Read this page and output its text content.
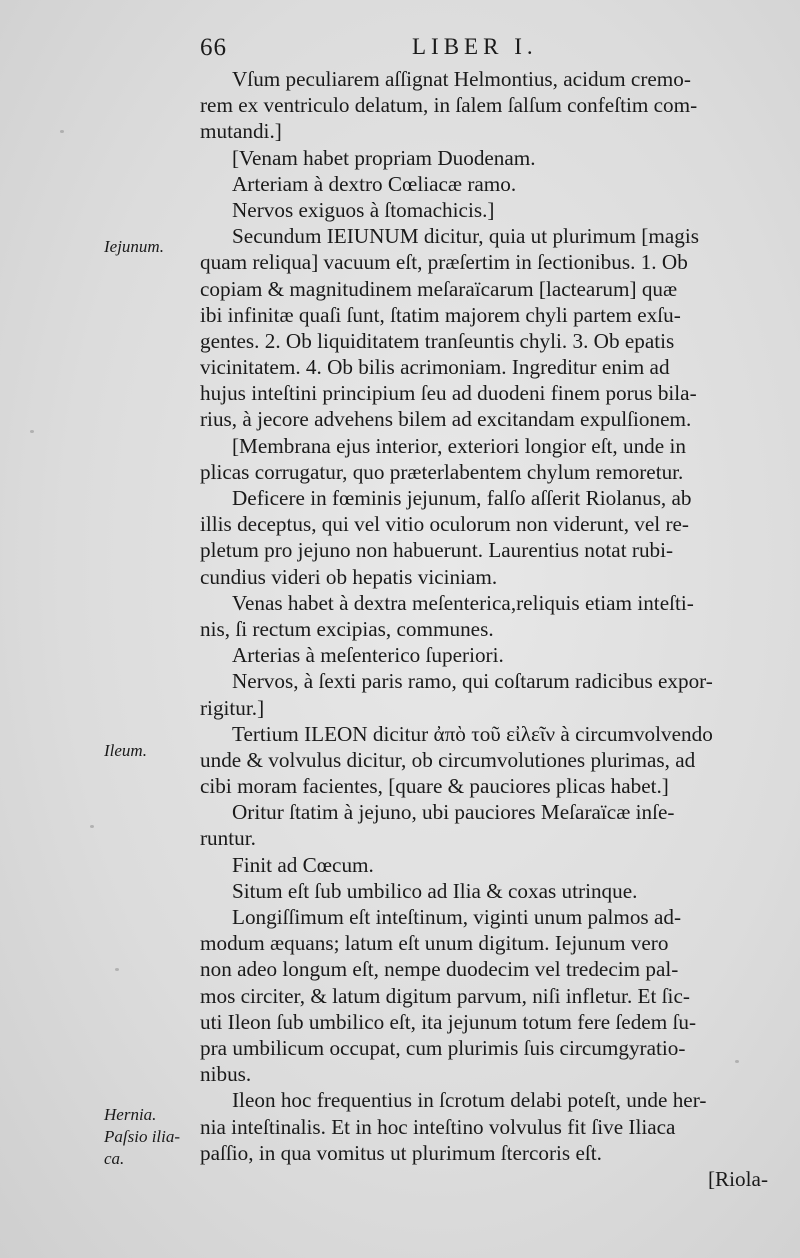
66	LIBER I.
Iejunum.
Ileum.
Hernia.
Paſsio ilia-
ca.
Vſum peculiarem aſſignat Helmontius, acidum cremo-
rem ex ventriculo delatum, in ſalem ſalſum confeſtim com-
mutandi.]
[Venam habet propriam Duodenam.
Arteriam à dextro Cœliacæ ramo.
Nervos exiguos à ſtomachicis.]
Secundum IEIUNUM dicitur, quia ut plurimum [magis
quam reliqua] vacuum eſt, præſertim in ſectionibus. 1. Ob
copiam & magnitudinem meſaraïcarum [lactearum] quæ
ibi infinitæ quaſi ſunt, ſtatim majorem chyli partem exſu-
gentes. 2. Ob liquiditatem tranſeuntis chyli. 3. Ob epatis
vicinitatem. 4. Ob bilis acrimoniam. Ingreditur enim ad
hujus inteſtini principium ſeu ad duodeni finem porus bila-
rius, à jecore advehens bilem ad excitandam expulſionem.
[Membrana ejus interior, exteriori longior eſt, unde in
plicas corrugatur, quo præterlabentem chylum remoretur.
Deficere in fœminis jejunum, falſo aſſerit Riolanus, ab
illis deceptus, qui vel vitio oculorum non viderunt, vel re-
pletum pro jejuno non habuerunt. Laurentius notat rubi-
cundius videri ob hepatis viciniam.
Venas habet à dextra meſenterica,reliquis etiam inteſti-
nis, ſi rectum excipias, communes.
Arterias à meſenterico ſuperiori.
Nervos, à ſexti paris ramo, qui coſtarum radicibus expor-
rigitur.]
Tertium ILEON dicitur ἀπὸ τοῦ εἰλεῖν à circumvolvendo
unde & volvulus dicitur, ob circumvolutiones plurimas, ad
cibi moram facientes, [quare & pauciores plicas habet.]
Oritur ſtatim à jejuno, ubi pauciores Meſaraïcæ inſe-
runtur.
Finit ad Cœcum.
Situm eſt ſub umbilico ad Ilia & coxas utrinque.
Longiſſimum eſt inteſtinum, viginti unum palmos ad-
modum æquans; latum eſt unum digitum. Iejunum vero
non adeo longum eſt, nempe duodecim vel tredecim pal-
mos circiter, & latum digitum parvum, niſi infletur. Et ſic-
uti Ileon ſub umbilico eſt, ita jejunum totum fere ſedem ſu-
pra umbilicum occupat, cum plurimis ſuis circumgyratio-
nibus.
Ileon hoc frequentius in ſcrotum delabi poteſt, unde her-
nia inteſtinalis. Et in hoc inteſtino volvulus fit ſive Iliaca
paſſio, in qua vomitus ut plurimum ſtercoris eſt.
[Riola-
